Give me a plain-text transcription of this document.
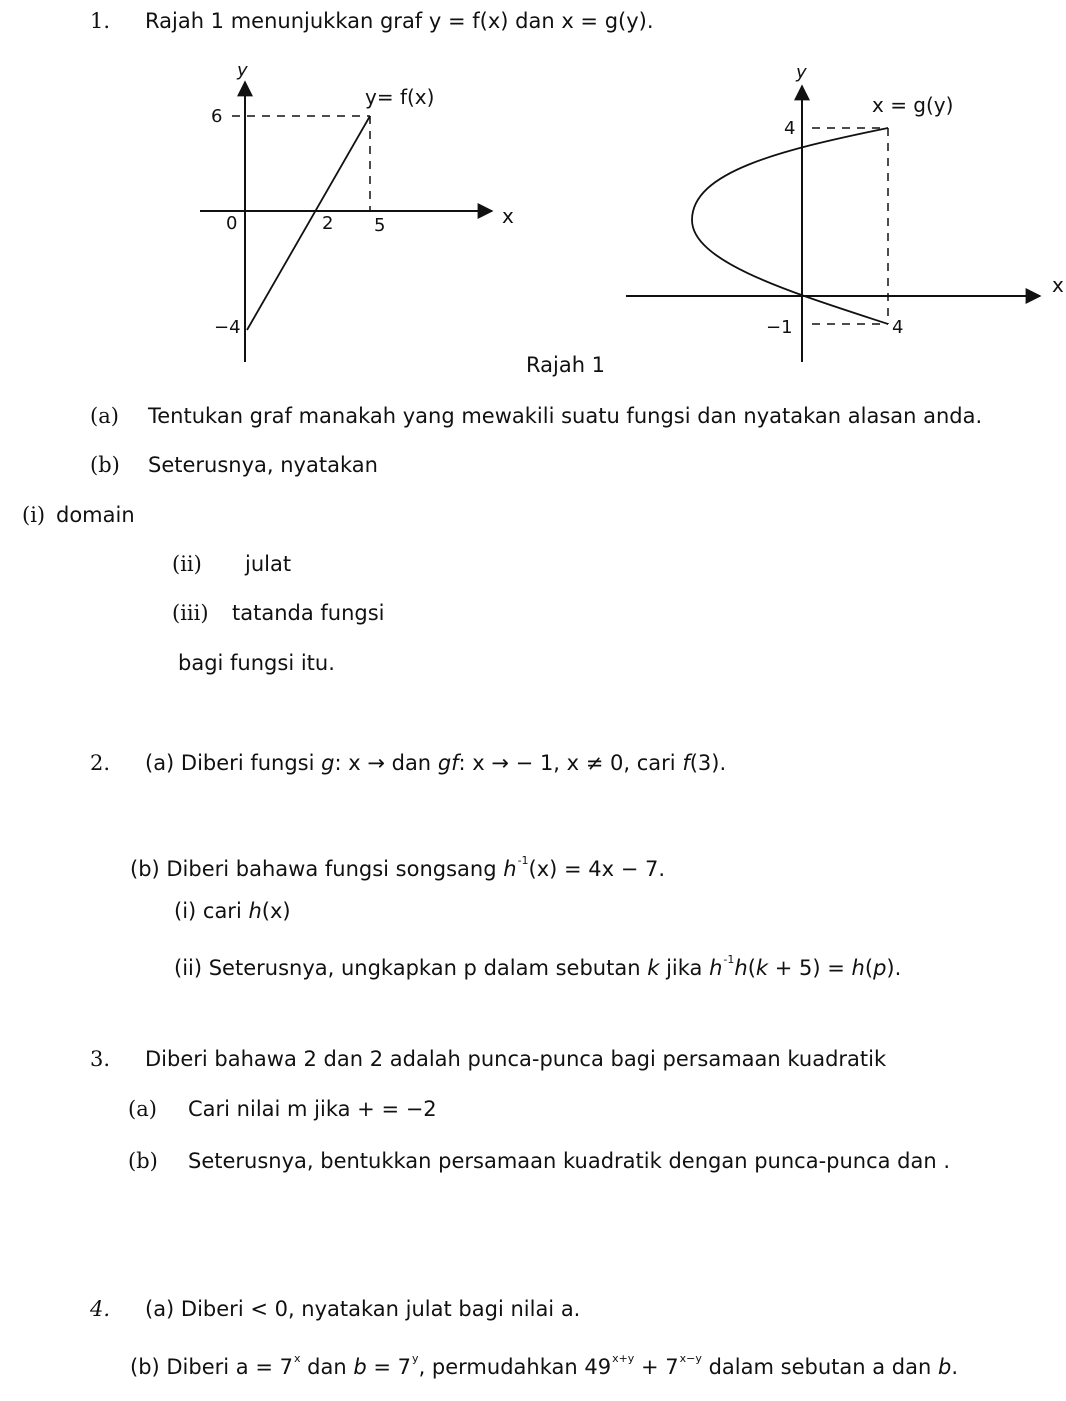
1. Rajah 1 menunjukkan graf y = f(x) dan x = g(y).
y
y= f(x)
6
0	2 5
−4
x
y
x = g(y)
4
−1	4
x
Rajah 1
(a) Tentukan graf manakah yang mewakili suatu fungsi dan nyatakan alasan anda.
(b) Seterusnya, nyatakan
(i) domain
(ii) julat
(iii) tatanda fungsi
bagi fungsi itu.
2. (a) Diberi fungsi g: x → dan gf: x → − 1, x ≠ 0, cari f(3).
(b) Diberi bahawa fungsi songsang $h^{-1}(x) = 4x - 7$.
(i) cari h(x)
(ii) Seterusnya, ungkapkan p dalam sebutan k jika $h^{-1}h(k + 5) = h(p)$.
3. Diberi bahawa 2 dan 2 adalah punca-punca bagi persamaan kuadratik
(a) Cari nilai m jika + = −2
(b) Seterusnya, bentukkan persamaan kuadratik dengan punca-punca dan .
4. (a) Diberi < 0, nyatakan julat bagi nilai a.
(b) Diberi $a = 7^x$ dan $b = 7^y$, permudahkan $49^{x+y} + 7^{x-y}$ dalam sebutan a dan b.
